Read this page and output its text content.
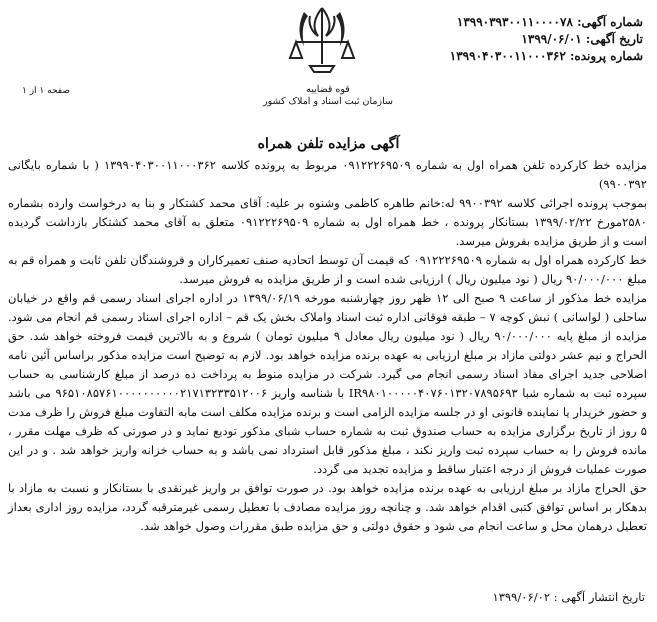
شماره آگهی: ۱۳۹۹۰۳۹۳۰۰۱۱۰۰۰۰۷۸
تاریخ آگهی: ۱۳۹۹/۰۶/۰۱
شماره پرونده: ۱۳۹۹۰۴۰۳۰۰۱۱۰۰۰۳۶۲
قوه قضاییه
سازمان ثبت اسناد و املاک کشور
صفحه ۱ از ۱
آگهی مزایده تلفن همراه

مزایده خط کارکرده تلفن همراه اول به شماره ۰۹۱۲۲۲۶۹۵۰۹ مربوط به پرونده کلاسه ۱۳۹۹۰۴۰۳۰۰۱۱۰۰۰۳۶۲ ( با شماره بایگانی ۹۹۰۰۳۹۲)

بموجب پرونده اجرائی کلاسه ۹۹۰۰۳۹۲ له:خانم طاهره کاظمی وشنوه بر علیه: آقای محمد کشتکار و بنا به درخواست وارده بشماره ۲۵۸۰مورخ ۱۳۹۹/۰۲/۲۲ بستانکار پرونده ، خط همراه اول به شماره ۰۹۱۲۲۲۶۹۵۰۹ متعلق به آقای محمد کشتکار بازداشت گردیده است و از طریق مزایده بفروش میرسد.

خط کارکرده همراه اول به شماره ۰۹۱۲۲۲۶۹۵۰۹ که قیمت آن توسط اتحادیه صنف تعمیرکاران و فروشندگان تلفن ثابت و همراه قم به مبلغ ۹۰/۰۰۰/۰۰۰ ریال ( نود میلیون ریال ) ارزیابی شده است و از طریق مزایده به فروش میرسد.

مزایده خط مذکور از ساعت ۹ صبح الی ۱۲ ظهر روز چهارشنبه مورخه ۱۳۹۹/۰۶/۱۹ در اداره اجرای اسناد رسمی قم واقع در خیابان ساحلی ( لواسانی ) نبش کوچه ۷ – طبقه فوقانی اداره ثبت اسناد واملاک بخش یک قم – اداره اجرای اسناد رسمی قم انجام می شود. مزایده از مبلغ پایه ۹۰/۰۰۰/۰۰۰ ریال ( نود میلیون ریال معادل ۹ میلیون تومان ) شروع و به بالاترین قیمت فروخته خواهد شد. حق الحراج و نیم عشر دولتی مازاد بر مبلغ ارزیابی به عهده برنده مزایده خواهد بود. لازم به توضیح است مزایده مذکور براساس آئین نامه اصلاحی جدید اجرای مفاد اسناد رسمی انجام می گیرد. شرکت در مزایده منوط به پرداخت ده درصد از مبلغ کارشناسی به حساب سپرده ثبت به شماره شبا IR۹۸۰۱۰۰۰۰۰۴۰۷۶۰۱۳۲۰۷۸۹۵۶۹۳ با شناسه واریز ۹۶۵۱۰۸۵۷۶۱۰۰۰۰۰۰۰۰۰۰۲۱۷۱۳۲۳۳۵۱۲۰۰۶ می باشد و حضور خریدار یا نماینده قانونی او در جلسه مزایده الزامی است و برنده مزایده مکلف است مابه التفاوت مبلغ فروش را ظرف مدت ۵ روز از تاریخ برگزاری مزایده به حساب صندوق ثبت به شماره حساب شبای مذکور تودیع نماید و در صورتی که ظرف مهلت مقرر ، مانده فروش را به حساب سپرده ثبت واریز نکند ، مبلغ مذکور قابل استرداد نمی باشد و به حساب خزانه واریز خواهد شد . و در این صورت عملیات فروش از درجه اعتبار ساقط و مزایده تجدید می گردد.

حق الحراج مازاد بر مبلغ ارزیابی به عهده برنده مزایده خواهد بود. در صورت توافق بر واریز غیرنقدی با بستانکار و نسبت به مازاد با بدهکار بر اساس توافق کتبی اقدام خواهد شد. و چنانچه روز مزایده مصادف با تعطیل رسمی غیرمترقبه گردد، مزایده روز اداری بعداز تعطیل درهمان محل و ساعت انجام می شود و حقوق دولتی و حق مزایده طبق مقررات وصول خواهد شد.

تاریخ انتشار آگهی : ۱۳۹۹/۰۶/۰۲
